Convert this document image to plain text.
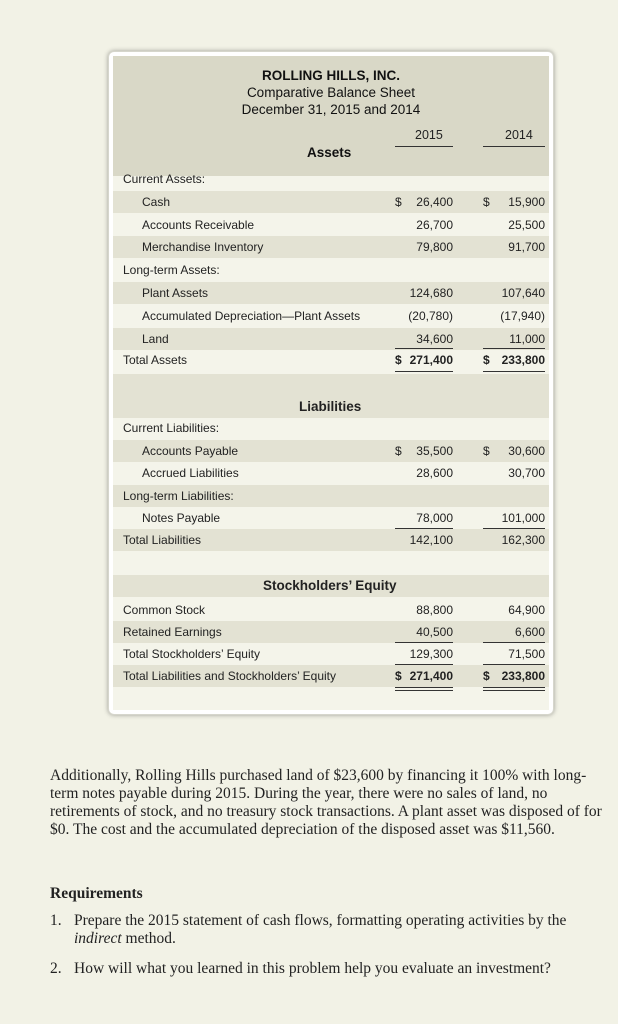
ROLLING HILLS, INC.
Comparative Balance Sheet
December 31, 2015 and 2014
2015	2014
Assets
Current Assets:
Cash	$	26,400	$	15,900
Accounts Receivable	26,700	25,500
Merchandise Inventory	79,800	91,700
Long-term Assets:
Plant Assets	124,680	107,640
Accumulated Depreciation—Plant Assets	(20,780)	(17,940)
Land	34,600	11,000
Total Assets	$ 271,400	$ 233,800
Liabilities
Current Liabilities:
Accounts Payable	$	35,500	$	30,600
Accrued Liabilities	28,600	30,700
Long-term Liabilities:
Notes Payable	78,000	101,000
Total Liabilities	142,100	162,300
Stockholders’ Equity
Common Stock	88,800	64,900
Retained Earnings	40,500	6,600
Total Stockholders’ Equity	129,300	71,500
Total Liabilities and Stockholders’ Equity	$ 271,400	$ 233,800
Additionally, Rolling Hills purchased land of $23,600 by financing it 100% with long-term notes payable during 2015. During the year, there were no sales of land, no retirements of stock, and no treasury stock transactions. A plant asset was disposed of for $0. The cost and the accumulated depreciation of the disposed asset was $11,560.
Requirements
1. Prepare the 2015 statement of cash flows, formatting operating activities by the indirect method.
2. How will what you learned in this problem help you evaluate an investment?
